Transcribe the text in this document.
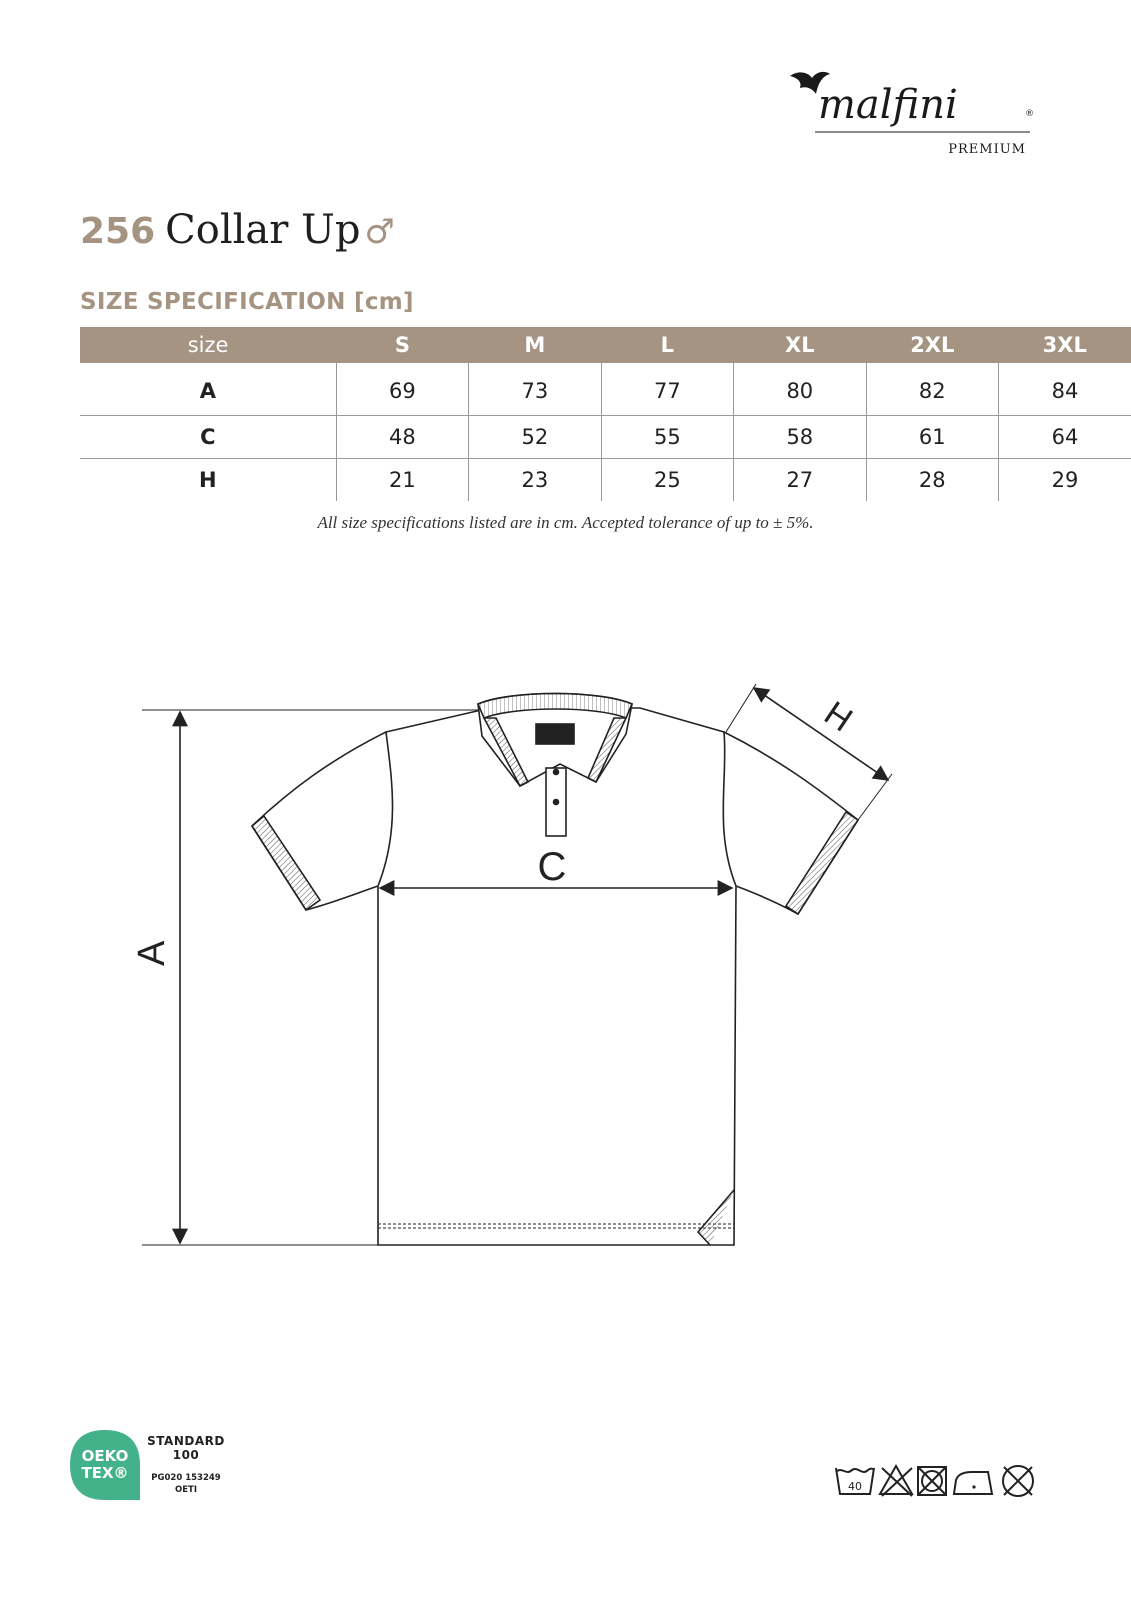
malfini	®
PREMIUM
256 Collar Up ♂
SIZE SPECIFICATION [cm]
size	S	M	L	XL	2XL	3XL
A	69	73	77	80	82	84
C	48	52	55	58	61	64
H	21	23	25	27	28	29
All size specifications listed are in cm. Accepted tolerance of up to ± 5%.
A
C
H
OEKO
TEX®
STANDARD
100
PG020 153249
OETI	40
